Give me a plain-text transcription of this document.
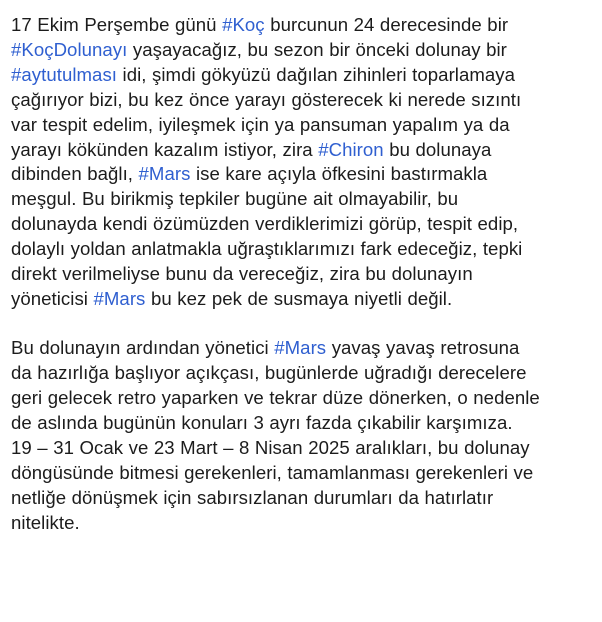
17 Ekim Perşembe günü #Koç burcunun 24 derecesinde bir
#KoçDolunayı yaşayacağız, bu sezon bir önceki dolunay bir
#aytutulması idi, şimdi gökyüzü dağılan zihinleri toparlamaya
çağırıyor bizi, bu kez önce yarayı gösterecek ki nerede sızıntı
var tespit edelim, iyileşmek için ya pansuman yapalım ya da
yarayı kökünden kazalım istiyor, zira #Chiron bu dolunaya
dibinden bağlı, #Mars ise kare açıyla öfkesini bastırmakla
meşgul. Bu birikmiş tepkiler bugüne ait olmayabilir, bu
dolunayda kendi özümüzden verdiklerimizi görüp, tespit edip,
dolaylı yoldan anlatmakla uğraştıklarımızı fark edeceğiz, tepki
direkt verilmeliyse bunu da vereceğiz, zira bu dolunayın
yöneticisi #Mars bu kez pek de susmaya niyetli değil.

Bu dolunayın ardından yönetici #Mars yavaş yavaş retrosuna
da hazırlığa başlıyor açıkçası, bugünlerde uğradığı derecelere
geri gelecek retro yaparken ve tekrar düze dönerken, o nedenle
de aslında bugünün konuları 3 ayrı fazda çıkabilir karşımıza.
19 – 31 Ocak ve 23 Mart – 8 Nisan 2025 aralıkları, bu dolunay
döngüsünde bitmesi gerekenleri, tamamlanması gerekenleri ve
netliğe dönüşmek için sabırsızlanan durumları da hatırlatır
nitelikte.
